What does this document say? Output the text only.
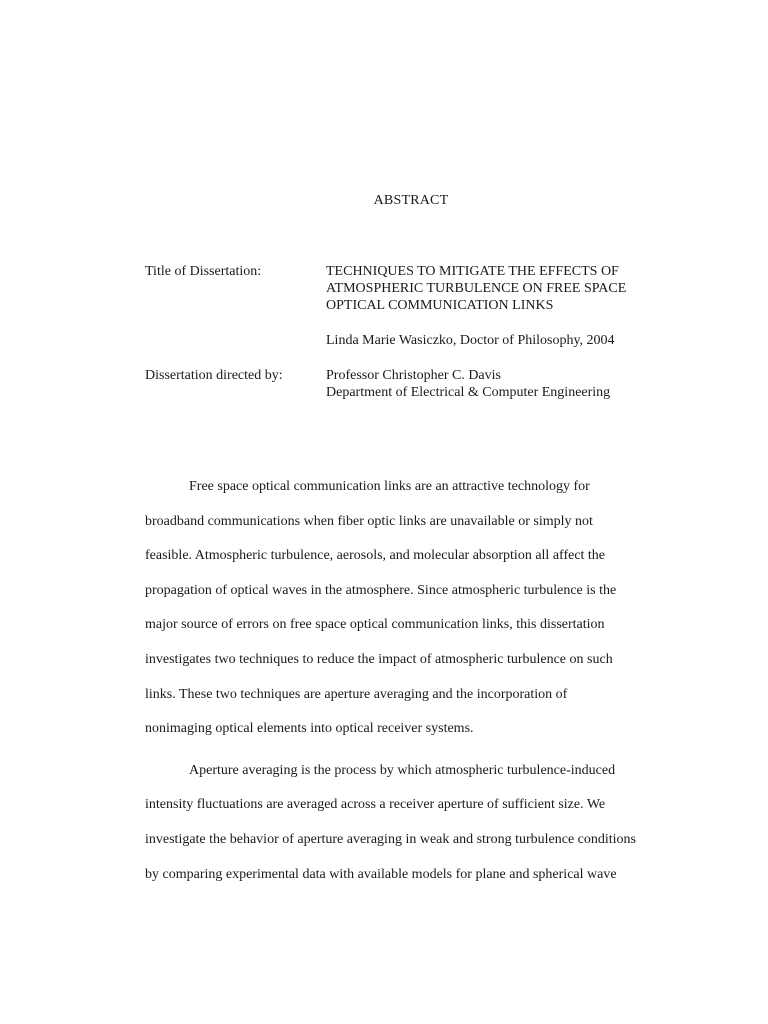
ABSTRACT
Title of Dissertation:	TECHNIQUES TO MITIGATE THE EFFECTS OF
ATMOSPHERIC TURBULENCE ON FREE SPACE
OPTICAL COMMUNICATION LINKS
Linda Marie Wasiczko, Doctor of Philosophy, 2004
Dissertation directed by:	Professor Christopher C. Davis
Department of Electrical & Computer Engineering

Free space optical communication links are an attractive technology for
broadband communications when fiber optic links are unavailable or simply not
feasible. Atmospheric turbulence, aerosols, and molecular absorption all affect the
propagation of optical waves in the atmosphere. Since atmospheric turbulence is the
major source of errors on free space optical communication links, this dissertation
investigates two techniques to reduce the impact of atmospheric turbulence on such
links. These two techniques are aperture averaging and the incorporation of
nonimaging optical elements into optical receiver systems.

Aperture averaging is the process by which atmospheric turbulence-induced
intensity fluctuations are averaged across a receiver aperture of sufficient size. We
investigate the behavior of aperture averaging in weak and strong turbulence conditions
by comparing experimental data with available models for plane and spherical wave
